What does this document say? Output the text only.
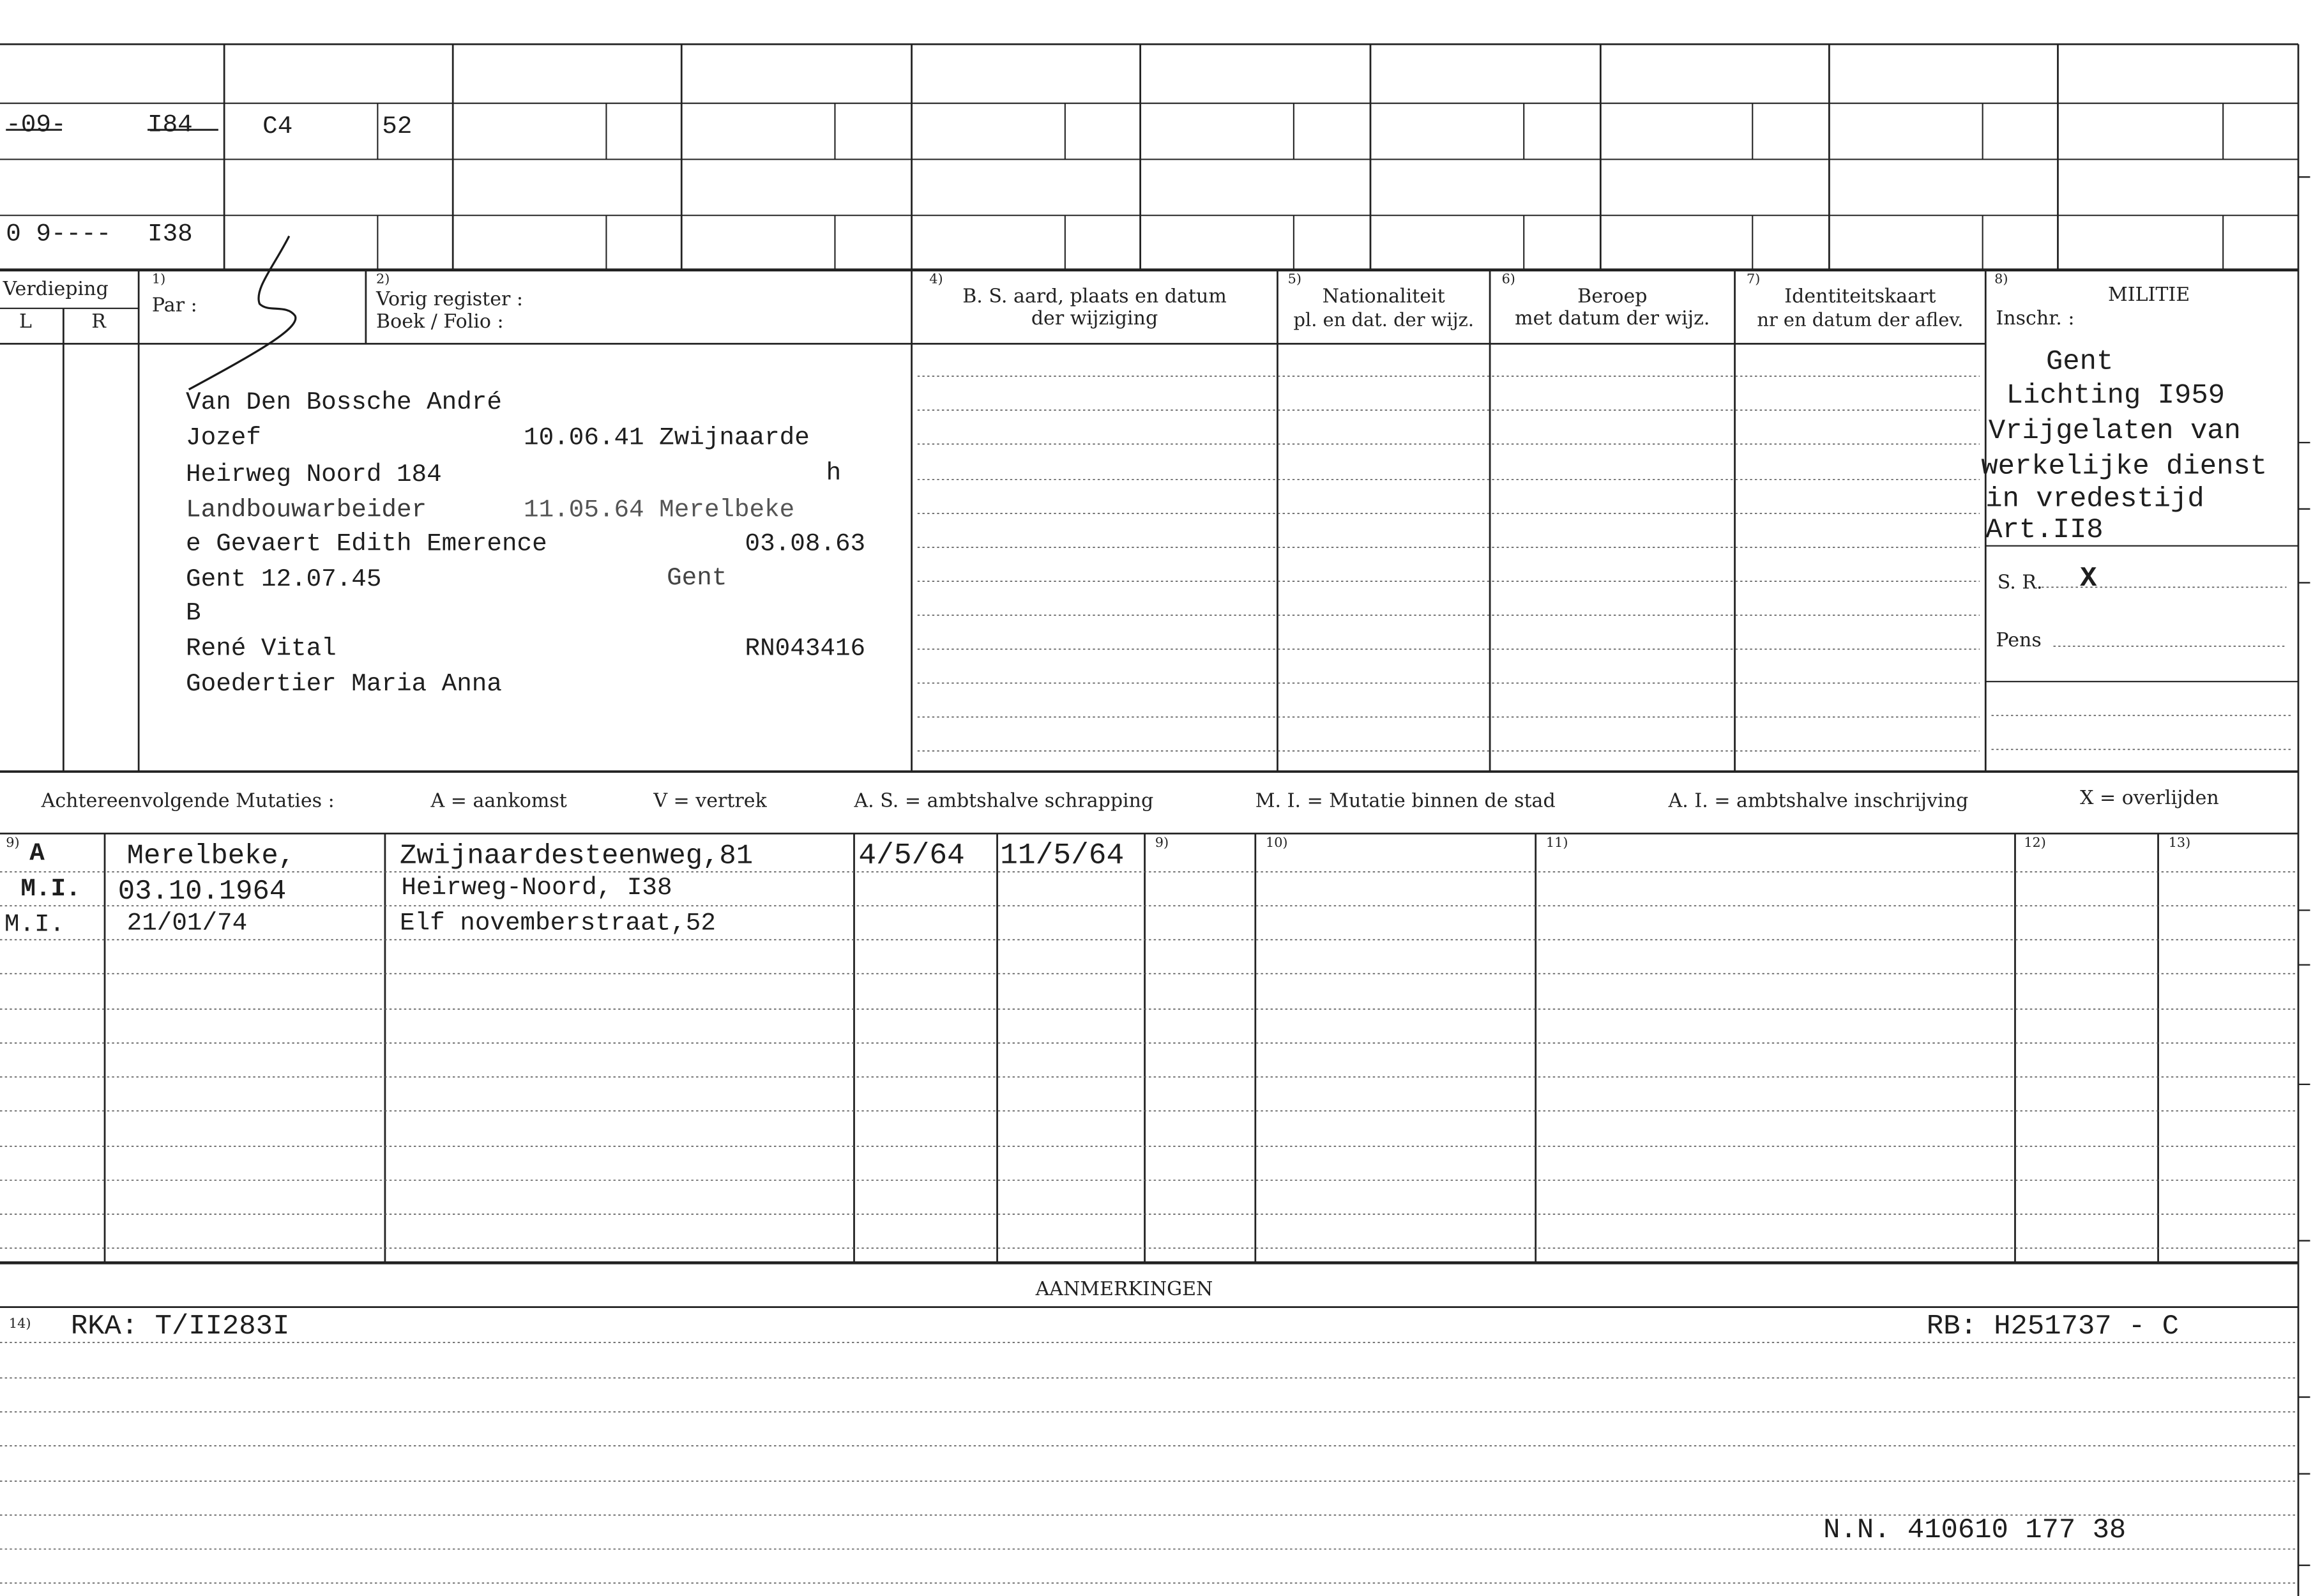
-09-	I84	C4	52
0 9----	I38
Verdieping
L	R
1)
Par :
2)
Vorig register :
Boek / Folio :
4)
B. S. aard, plaats en datum
der wijziging
5)
Nationaliteit
pl. en dat. der wijz.
6)
Beroep
met datum der wijz.
7)
Identiteitskaart
nr en datum der aflev.
8)
MILITIE
Inschr. :
Van Den Bossche André
Jozef	10.06.41 Zwijnaarde
Heirweg Noord 184	h
Landbouwarbeider	11.05.64 Merelbeke
e Gevaert Edith Emerence	03.08.63
Gent 12.07.45	Gent
B
René Vital	RN043416
Goedertier Maria Anna
Gent
Lichting I959
Vrijgelaten van
werkelijke dienst
in vredestijd
Art.II8
S. R.	X
Pens
Achtereenvolgende Mutaties :	A = aankomst	V = vertrek	A. S. = ambtshalve schrapping	M. I. = Mutatie binnen de stad	A. I. = ambtshalve inschrijving	X = overlijden
9)	9)	10)	11)	12)	13)
A	Merelbeke,	Zwijnaardesteenweg,81	4/5/64	11/5/64
M.I.	03.10.1964	Heirweg-Noord, I38
M.I.	21/01/74	Elf novemberstraat,52
AANMERKINGEN
14)	RKA: T/II283I	RB: H251737 - C
N.N. 410610 177 38
